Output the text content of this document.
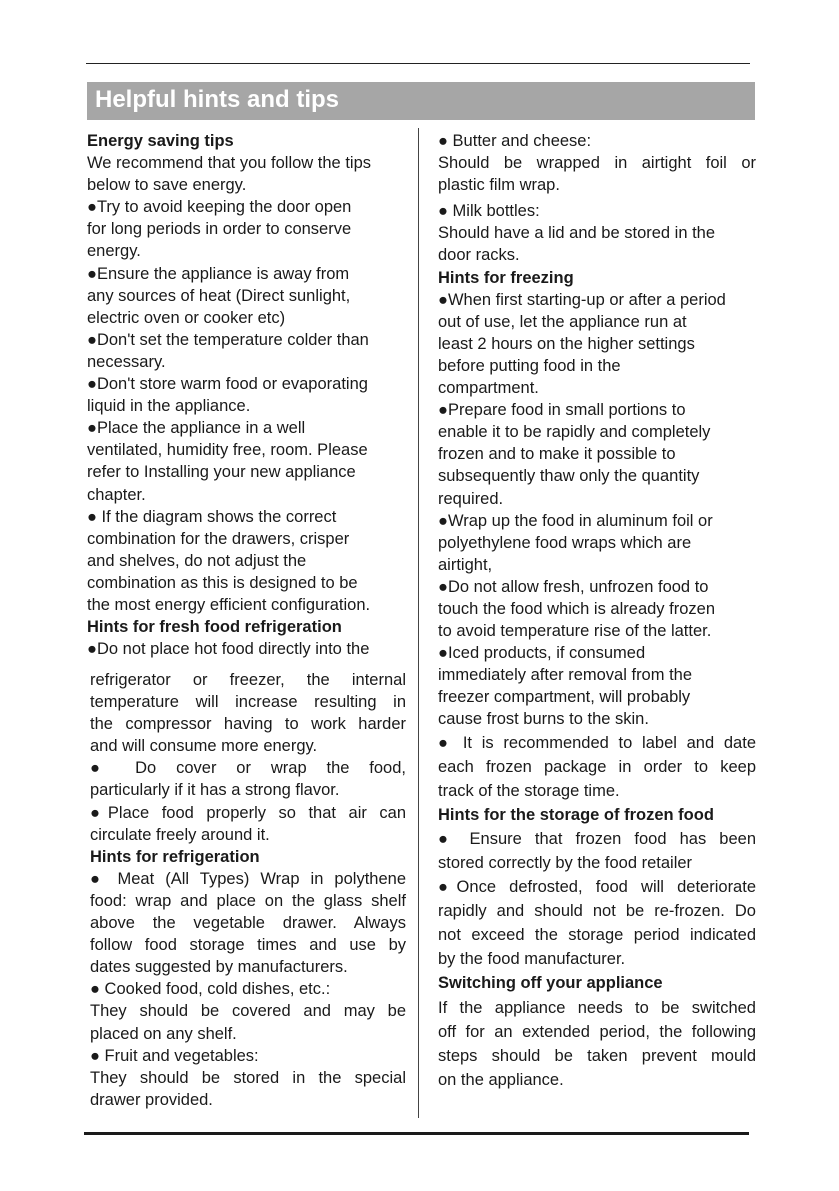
Helpful hints and tips
Energy saving tips
We recommend that you follow the tips
below to save energy.
●Try to avoid keeping the door open
for long periods in order to conserve
energy.
●Ensure the appliance is away from
any sources of heat (Direct sunlight,
electric oven or cooker etc)
●Don't set the temperature colder than
necessary.
●Don't store warm food or evaporating
liquid in the appliance.
●Place the appliance in a well
ventilated, humidity free, room. Please
refer to Installing your new appliance
chapter.
● If the diagram shows the correct
combination for the drawers, crisper
and shelves, do not adjust the
combination as this is designed to be
the most energy efficient configuration.
Hints for fresh food refrigeration
●Do not place hot food directly into the
refrigerator or freezer, the internal
temperature will increase resulting in
the compressor having to work harder
and will consume more energy.
● Do cover or wrap the food,
particularly if it has a strong flavor.
●Place food properly so that air can
circulate freely around it.
Hints for refrigeration
● Meat (All Types) Wrap in polythene
food: wrap and place on the glass shelf
above the vegetable drawer. Always
follow food storage times and use by
dates suggested by manufacturers.
● Cooked food, cold dishes, etc.:
They should be covered and may be
placed on any shelf.
● Fruit and vegetables:
They should be stored in the special
drawer provided.
● Butter and cheese:
Should be wrapped in airtight foil or
plastic film wrap.
● Milk bottles:
Should have a lid and be stored in the
door racks.
Hints for freezing
●When first starting-up or after a period
out of use, let the appliance run at
least 2 hours on the higher settings
before putting food in the
compartment.
●Prepare food in small portions to
enable it to be rapidly and completely
frozen and to make it possible to
subsequently thaw only the quantity
required.
●Wrap up the food in aluminum foil or
polyethylene food wraps which are
airtight,
●Do not allow fresh, unfrozen food to
touch the food which is already frozen
to avoid temperature rise of the latter.
●Iced products, if consumed
immediately after removal from the
freezer compartment, will probably
cause frost burns to the skin.
● It is recommended to label and date
each frozen package in order to keep
track of the storage time.
Hints for the storage of frozen food
● Ensure that frozen food has been
stored correctly by the food retailer
●Once defrosted, food will deteriorate
rapidly and should not be re-frozen. Do
not exceed the storage period indicated
by the food manufacturer.
Switching off your appliance
If the appliance needs to be switched
off for an extended period, the following
steps should be taken prevent mould
on the appliance.
